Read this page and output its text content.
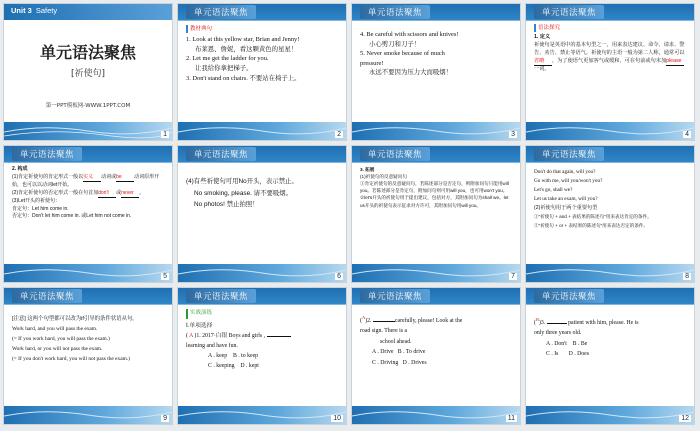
Unit 3 Safety
单元语法聚焦
[祈使句]
第一PPT模板网-WWW.1PPT.COM
1
单元语法聚焦
教材典句
1. Look at this yellow star, Brian and Jenny!
布莱恩、詹妮，看这颗黄色的星星！
2. Let me get the ladder for you.
让我给你拿把梯子。
3. Don't stand on chairs. 不要站在椅子上。
2
单元语法聚焦
4. Be careful with scissors and knives!
小心剪刀和刀子！
5. Never smoke because of much
pressure!
永远不要因为压力大而吸烟！
3
单元语法聚焦
语法探究
1. 定义
祈使句是英语中的基本句型之一，用来表达建议、命令、请求、警告、劝告、禁止等语气。祈使句的主语一般为第二人称，通常可以省略 ，为了使语气更加客气或缓和，可在句前或句末加please一词。
4
单元语法聚焦
2. 构成
(1)肯定祈使句的肯定形式一般以实义 动词或be 动词原形开始，也可以以动词let开始。
(2)肯定祈使句的否定形式一般在句首加don't 或never 。
(3)Let开头的祈使句：
肯定句：Let him come in.
否定句：Don't let him come in. 或Let him not come in.
5
单元语法聚焦
(4)有些祈使句可用No开头，表示禁止。
No smoking, please. 请不要吸烟。
No photos! 禁止拍照！
6
单元语法聚焦
3. 拓展
(1)祈使句的反意疑问句
①肯定祈使句的反意疑问句，若陈述部分是否定句，则附加问句只能用will you。若陈述部分是肯定句，附加问句则可用will you，也可用won't you。
②let's开头的祈使句用于提出建议，包括对方，其附加问句为shall we。let us开头的祈使句表示征求对方许可，其附加问句用will you。
7
单元语法聚焦
Don't do that again, will you?
Go with me, will you/won't you?
Let's go, shall we?
Let us take an exam, will you?
(2)祈使句用于两个重要句型
①“祈使句 + and + 表结果的陈述句”用来表达肯定的条件。
②“祈使句 + or + 表结果的陈述句”用来表达否定的条件。
8
单元语法聚焦
[注意] 这两个句型都可以改为if引导的条件状语从句。
Work hard, and you will pass the exam.
(= If you work hard, you will pass the exam.)
Work hard, or you will not pass the exam.
(= If you don't work hard, you will not pass the exam.)
9
单元语法聚焦
实战演练
Ⅰ.单项选择
( A )1. 2017·白银 Boys and girls ,
learning and have fun.
A . keep B . to keep
C . keeping D . kept
10
单元语法聚焦
($^A$)2.	carefully, please! Look at the
road sign. There is a
school ahead.
A . Drive B . To drive
C . Driving D . Drives
11
单元语法聚焦
($^B$)3.	patient with him, please. He is
only three years old.
A . Don't B . Be
C . Is D . Does
12
